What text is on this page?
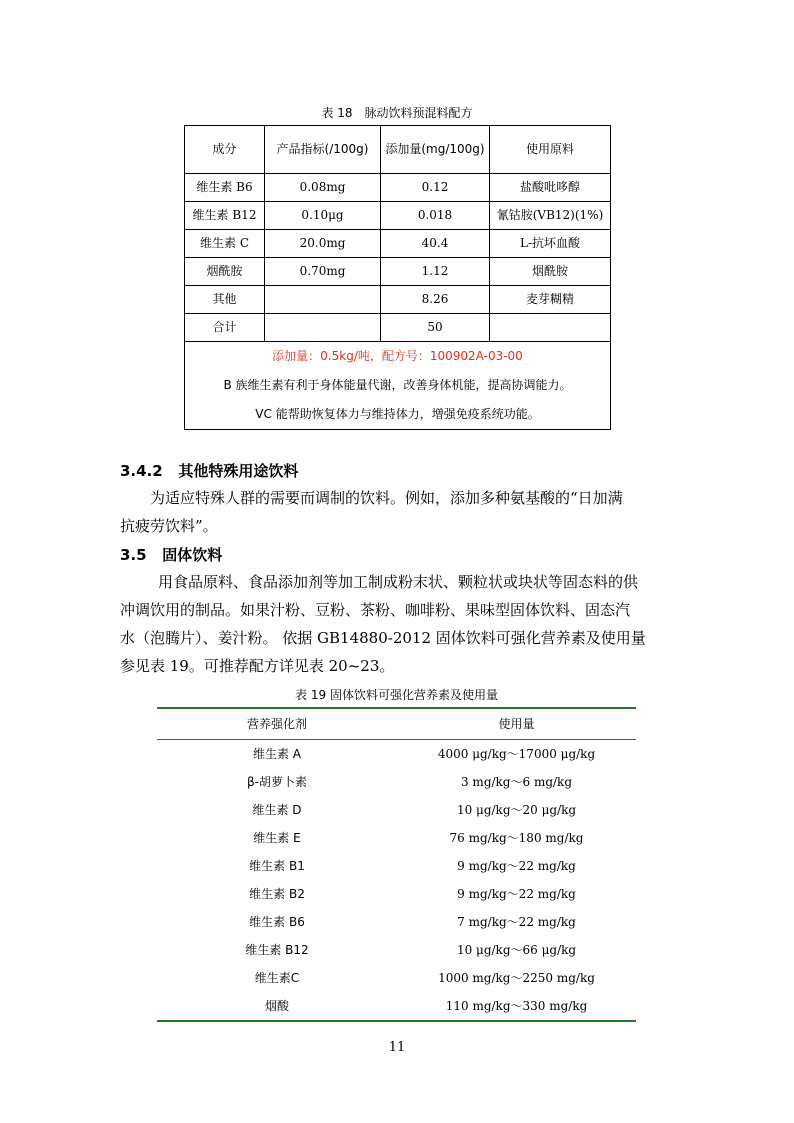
表 18　脉动饮料预混料配方
成分	产品指标(/100g)	添加量(mg/100g)	使用原料
维生素 B6	0.08mg	0.12	盐酸吡哆醇
维生素 B12	0.10μg	0.018	氰钴胺(VB12)(1%)
维生素 C	20.0mg	40.4	L-抗坏血酸
烟酰胺	0.70mg	1.12	烟酰胺
其他		8.26	麦芽糊精
合计		50	

添加量：0.5kg/吨，配方号：100902A-03-00
B 族维生素有利于身体能量代谢，改善身体机能，提高协调能力。
VC 能帮助恢复体力与维持体力，增强免疫系统功能。			
3.4.2 其他特殊用途饮料
为适应特殊人群的需要而调制的饮料。例如，添加多种氨基酸的“日加满
抗疲劳饮料”。
3.5 固体饮料
用食品原料、食品添加剂等加工制成粉末状、颗粒状或块状等固态料的供
冲调饮用的制品。如果汁粉、豆粉、茶粉、咖啡粉、果味型固体饮料、固态汽
水（泡腾片）、姜汁粉。 依据 GB14880-2012 固体饮料可强化营养素及使用量
参见表 19。可推荐配方详见表 20~23。
表 19 固体饮料可强化营养素及使用量
营养强化剂	使用量
维生素 A	4000 μg/kg～17000 μg/kg
β-胡萝卜素	3 mg/kg～6 mg/kg
维生素 D	10 μg/kg～20 μg/kg
维生素 E	76 mg/kg～180 mg/kg
维生素 B1	9 mg/kg～22 mg/kg
维生素 B2	9 mg/kg～22 mg/kg
维生素 B6	7 mg/kg～22 mg/kg
维生素 B12	10 μg/kg～66 μg/kg
维生素C	1000 mg/kg～2250 mg/kg
烟酸	110 mg/kg～330 mg/kg
11
